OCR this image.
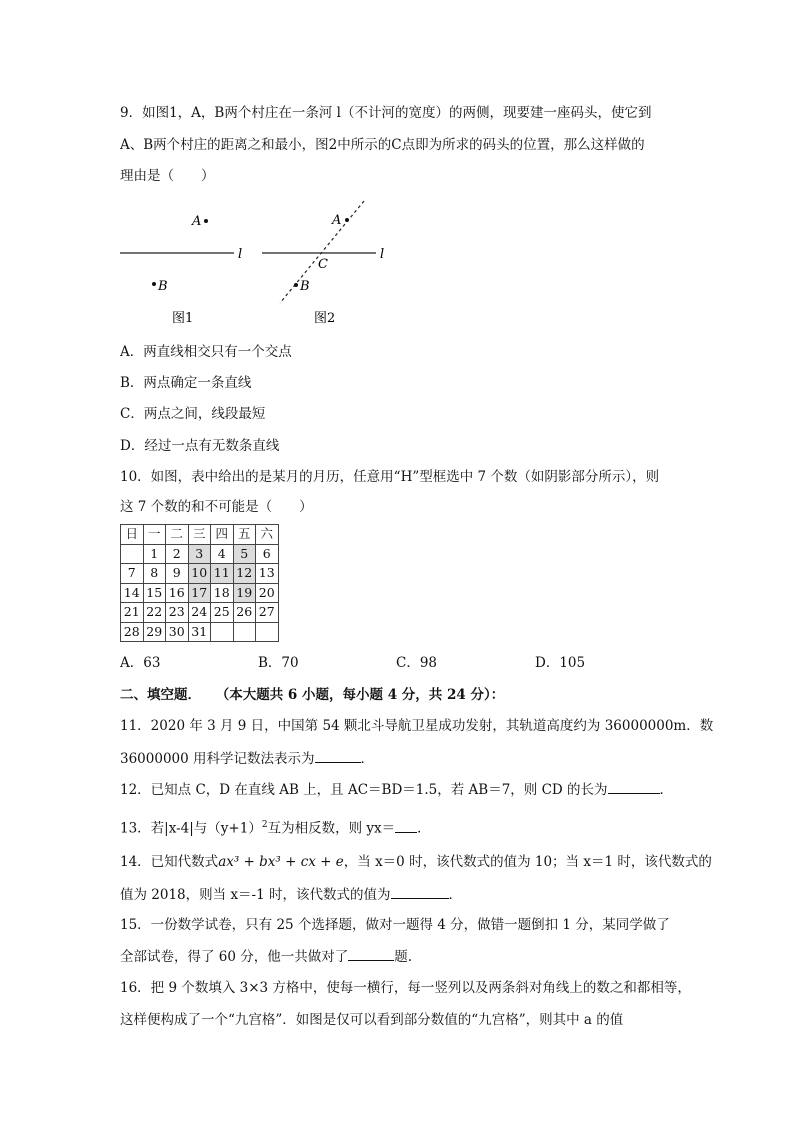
9．如图1，A，B两个村庄在一条河 l（不计河的宽度）的两侧，现要建一座码头，使它到
A、B两个村庄的距离之和最小，图2中所示的C点即为所求的码头的位置，那么这样做的
理由是（　　）
A
l
B
图1
A
C
l
B
图2
A．两直线相交只有一个交点
B．两点确定一条直线
C．两点之间，线段最短
D．经过一点有无数条直线
10．如图，表中给出的是某月的月历，任意用“H”型框选中 7 个数（如阴影部分所示），则
这 7 个数的和不可能是（　　）
日	一	二	三	四	五	六
	1	2	3	4	5	6
7	8	9	10	11	12	13
14	15	16	17	18	19	20
21	22	23	24	25	26	27
28	29	30	31			
A．63	B．70	C．98	D．105
二、填空题． （本大题共 6 小题，每小题 4 分，共 24 分）：
11．2020 年 3 月 9 日，中国第 54 颗北斗导航卫星成功发射，其轨道高度约为 36000000m．数
36000000 用科学记数法表示为	．
12．已知点 C，D 在直线 AB 上，且 AC＝BD＝1.5，若 AB＝7，则 CD 的长为	．
13．若|x-4|与$(y+1)^2$互为相反数，则 yx＝ ．
14．已知代数式ax³ + bx³ + cx + e，当 x＝0 时，该代数式的值为 10；当 x＝1 时，该代数式的
值为 2018，则当 x＝-1 时，该代数式的值为	．
15．一份数学试卷，只有 25 个选择题，做对一题得 4 分，做错一题倒扣 1 分，某同学做了
全部试卷，得了 60 分，他一共做对了	题.
16．把 9 个数填入 3×3 方格中，使每一横行，每一竖列以及两条斜对角线上的数之和都相等，
这样便构成了一个“九宫格”．如图是仅可以看到部分数值的“九宫格”，则其中 a 的值
